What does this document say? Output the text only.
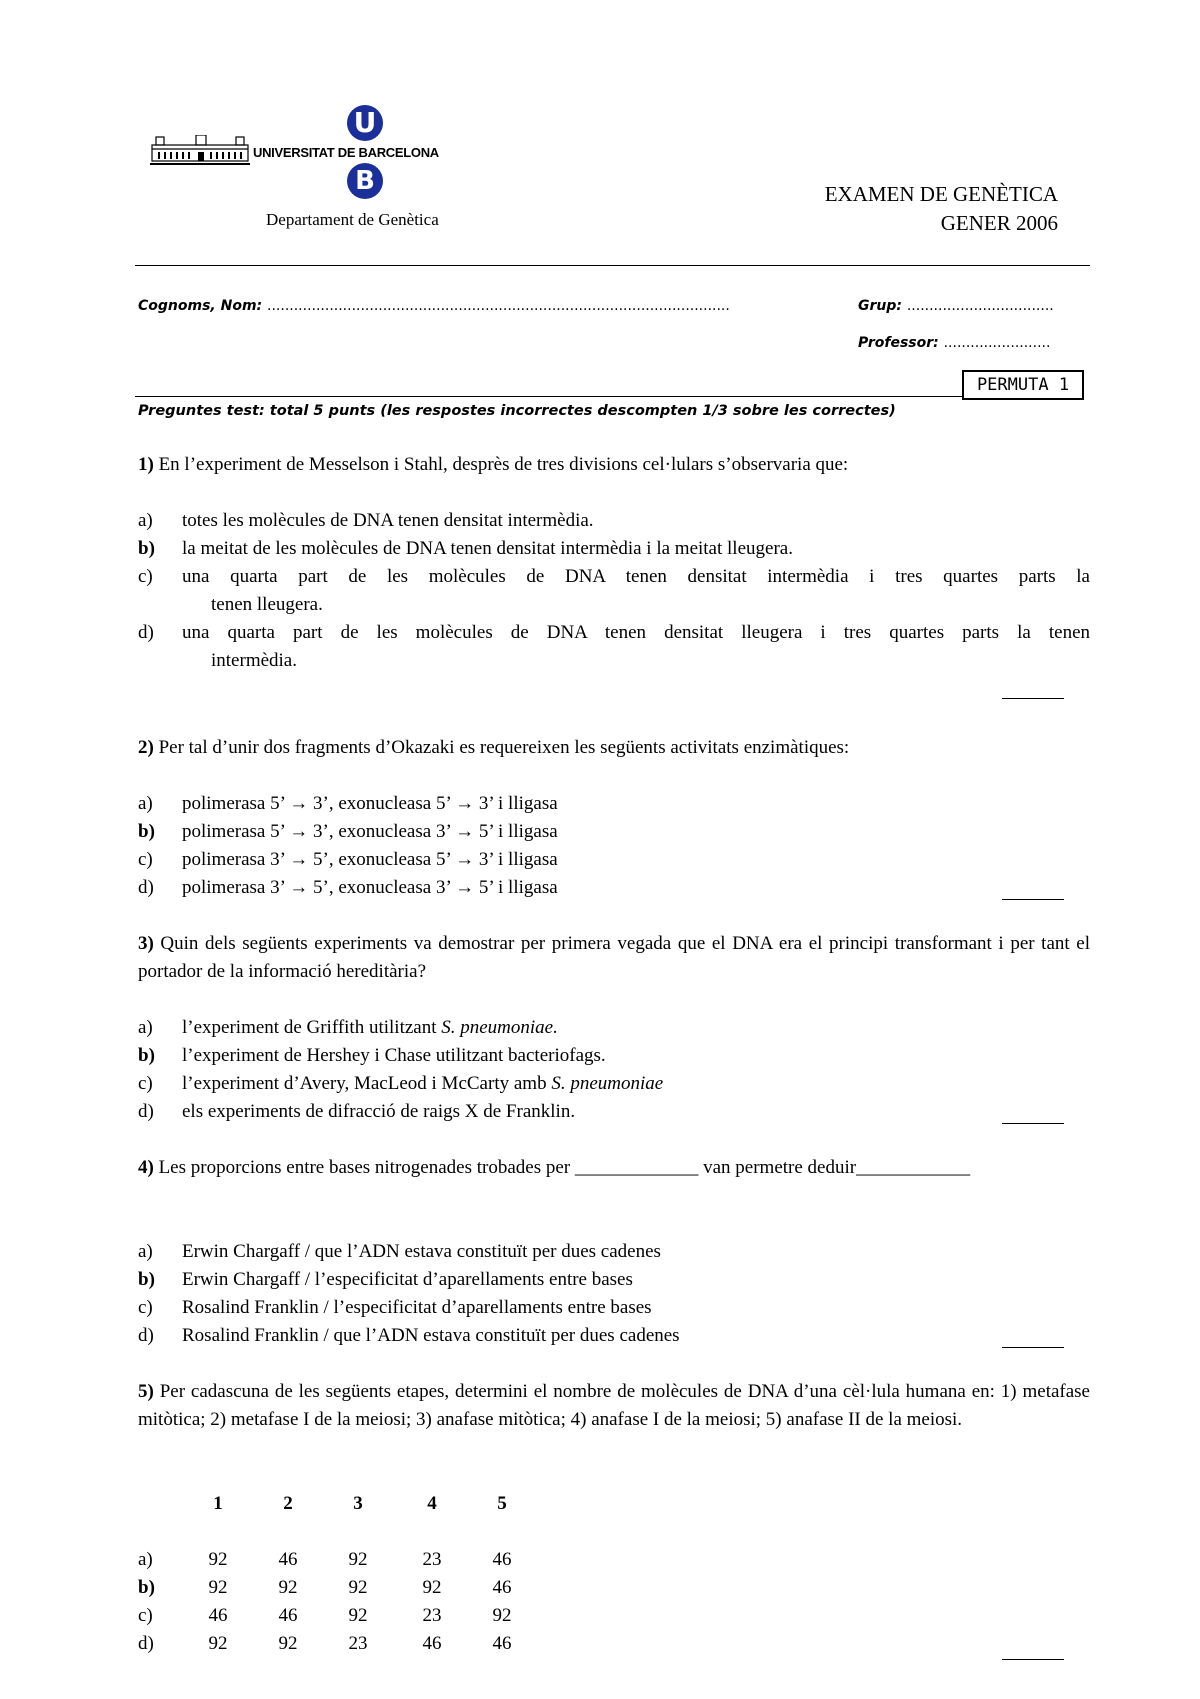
U
UNIVERSITAT DE BARCELONA
B
Departament de Genètica
EXAMEN DE GENÈTICA
GENER 2006
Cognoms, Nom: ........................................................................................................	Grup: .................................
Professor: ........................
PERMUTA 1
Preguntes test: total 5 punts (les respostes incorrectes descompten 1/3 sobre les correctes)
1) En l’experiment de Messelson i Stahl, desprès de tres divisions cel·lulars s’observaria que:
a) totes les molècules de DNA tenen densitat intermèdia.
b) la meitat de les molècules de DNA tenen densitat intermèdia i la meitat lleugera.
c) una quarta part de les molècules de DNA tenen densitat intermèdia i tres quartes parts la
tenen lleugera.
d) una quarta part de les molècules de DNA tenen densitat lleugera i tres quartes parts la tenen
intermèdia.
2) Per tal d’unir dos fragments d’Okazaki es requereixen les següents activitats enzimàtiques:
a) polimerasa 5’ → 3’, exonucleasa 5’ → 3’ i lligasa
b) polimerasa 5’ → 3’, exonucleasa 3’ → 5’ i lligasa
c) polimerasa 3’ → 5’, exonucleasa 5’ → 3’ i lligasa
d) polimerasa 3’ → 5’, exonucleasa 3’ → 5’ i lligasa
3) Quin dels següents experiments va demostrar per primera vegada que el DNA era el principi transformant i per tant el portador de la informació hereditària?
a) l’experiment de Griffith utilitzant S. pneumoniae.
b) l’experiment de Hershey i Chase utilitzant bacteriofags.
c) l’experiment d’Avery, MacLeod i McCarty amb S. pneumoniae
d) els experiments de difracció de raigs X de Franklin.
4) Les proporcions entre bases nitrogenades trobades per _____________ van permetre deduir____________
a) Erwin Chargaff / que l’ADN estava constituït per dues cadenes
b) Erwin Chargaff / l’especificitat d’aparellaments entre bases
c) Rosalind Franklin / l’especificitat d’aparellaments entre bases
d) Rosalind Franklin / que l’ADN estava constituït per dues cadenes
5) Per cadascuna de les següents etapes, determini el nombre de molècules de DNA d’una cèl·lula humana en: 1) metafase mitòtica; 2) metafase I de la meiosi; 3) anafase mitòtica; 4) anafase I de la meiosi; 5) anafase II de la meiosi.
1	2	3	4	5
a)	92	46	92	23	46
b)	92	92	92	92	46
c)	46	46	92	23	92
d)	92	92	23	46	46
